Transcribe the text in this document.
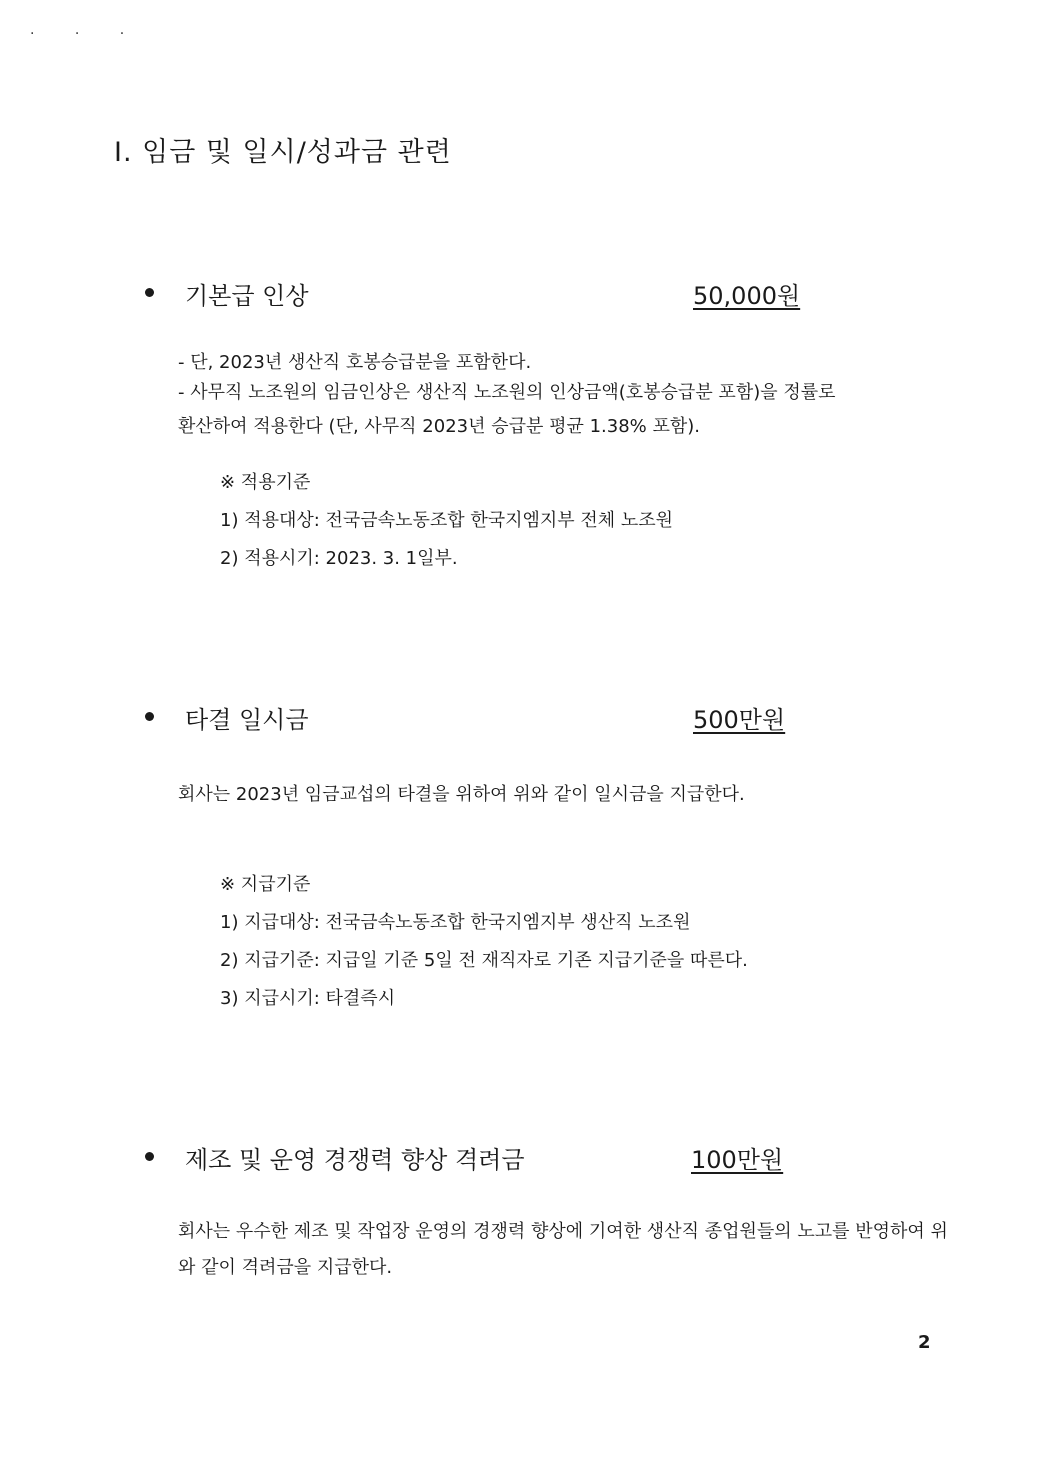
. . .
I. 임금 및 일시/성과금 관련
기본급 인상	50,000원
- 단, 2023년 생산직 호봉승급분을 포함한다.
- 사무직 노조원의 임금인상은 생산직 노조원의 인상금액(호봉승급분 포함)을 정률로
환산하여 적용한다 (단, 사무직 2023년 승급분 평균 1.38% 포함).
※ 적용기준
1) 적용대상: 전국금속노동조합 한국지엠지부 전체 노조원
2) 적용시기: 2023. 3. 1일부.
타결 일시금	500만원
회사는 2023년 임금교섭의 타결을 위하여 위와 같이 일시금을 지급한다.
※ 지급기준
1) 지급대상: 전국금속노동조합 한국지엠지부 생산직 노조원
2) 지급기준: 지급일 기준 5일 전 재직자로 기존 지급기준을 따른다.
3) 지급시기: 타결즉시
제조 및 운영 경쟁력 향상 격려금	100만원
회사는 우수한 제조 및 작업장 운영의 경쟁력 향상에 기여한 생산직 종업원들의 노고를 반영하여 위와 같이 격려금을 지급한다.
2
